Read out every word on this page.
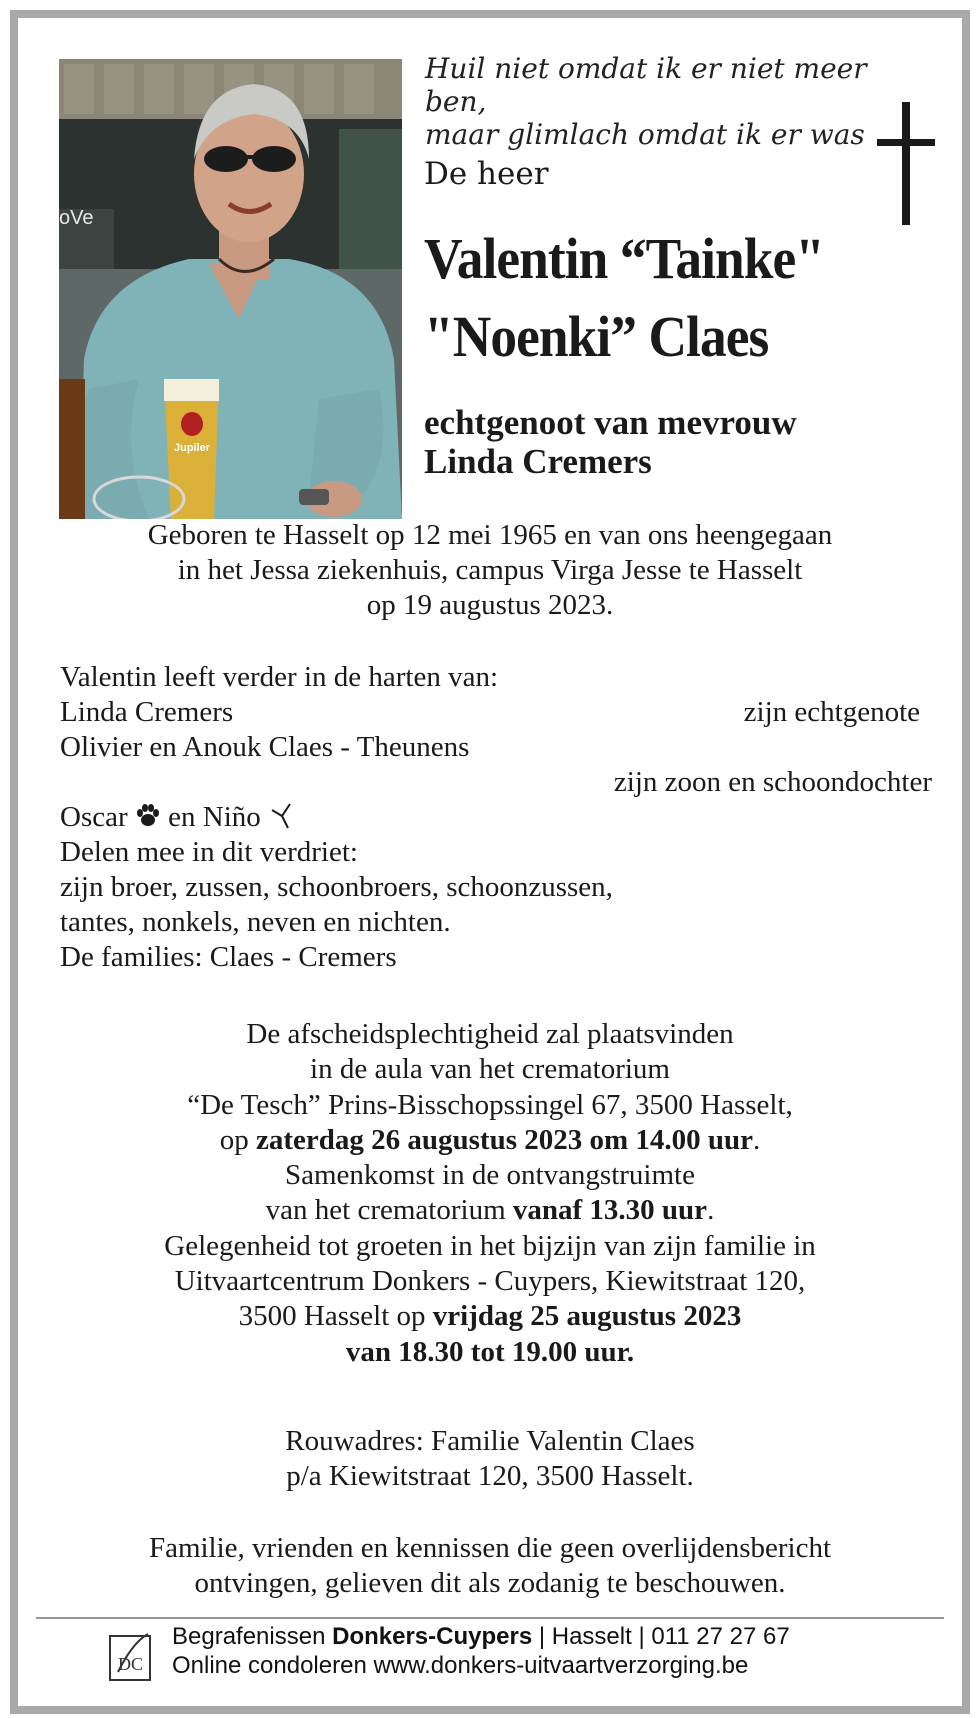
oVe
Jupiler
Huil niet omdat ik er niet meer ben,
maar glimlach omdat ik er was
De heer
Valentin “Tainke"
"Noenki” Claes
echtgenoot van mevrouw
Linda Cremers
Geboren te Hasselt op 12 mei 1965 en van ons heengegaan
in het Jessa ziekenhuis, campus Virga Jesse te Hasselt
op 19 augustus 2023.
Valentin leeft verder in de harten van:
Linda Cremers	zijn echtgenote
Olivier en Anouk Claes - Theunens
zijn zoon en schoondochter
Oscar en Niño
Delen mee in dit verdriet:
zijn broer, zussen, schoonbroers, schoonzussen,
tantes, nonkels, neven en nichten.
De families: Claes - Cremers
De afscheidsplechtigheid zal plaatsvinden
in de aula van het crematorium
“De Tesch” Prins-Bisschopssingel 67, 3500 Hasselt,
op zaterdag 26 augustus 2023 om 14.00 uur.
Samenkomst in de ontvangstruimte
van het crematorium vanaf 13.30 uur.
Gelegenheid tot groeten in het bijzijn van zijn familie in
Uitvaartcentrum Donkers - Cuypers, Kiewitstraat 120,
3500 Hasselt op vrijdag 25 augustus 2023
van 18.30 tot 19.00 uur.
Rouwadres: Familie Valentin Claes
p/a Kiewitstraat 120, 3500 Hasselt.
Familie, vrienden en kennissen die geen overlijdensbericht
ontvingen, gelieven dit als zodanig te beschouwen.
DC
Begrafenissen Donkers-Cuypers | Hasselt | 011 27 27 67
Online condoleren www.donkers-uitvaartverzorging.be
